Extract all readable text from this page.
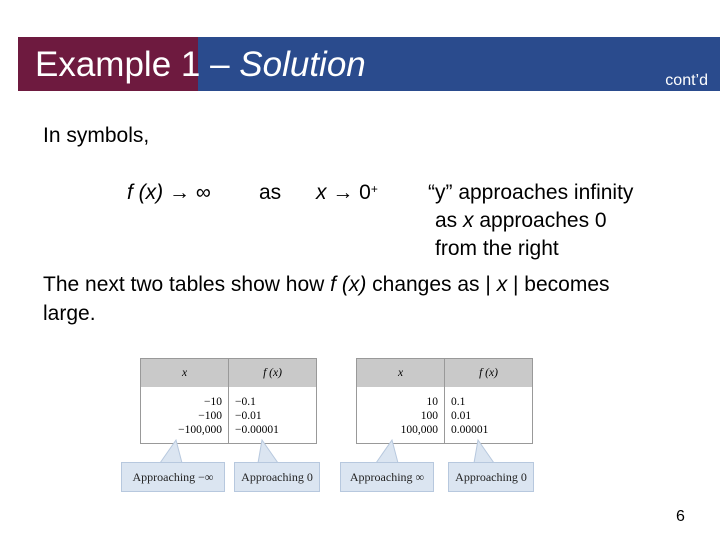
Example 1 – Solution	cont’d
In symbols,
f (x) → ∞ as x → 0+ “y” approaches infinity
as x approaches 0
from the right
The next two tables show how f (x) changes as | x | becomes
large.
x	f (x)
−10	−0.1
−100	−0.01
−100,000	−0.00001
x	f (x)
10	0.1
100	0.01
100,000	0.00001
Approaching −∞	Approaching 0	Approaching ∞	Approaching 0
6
